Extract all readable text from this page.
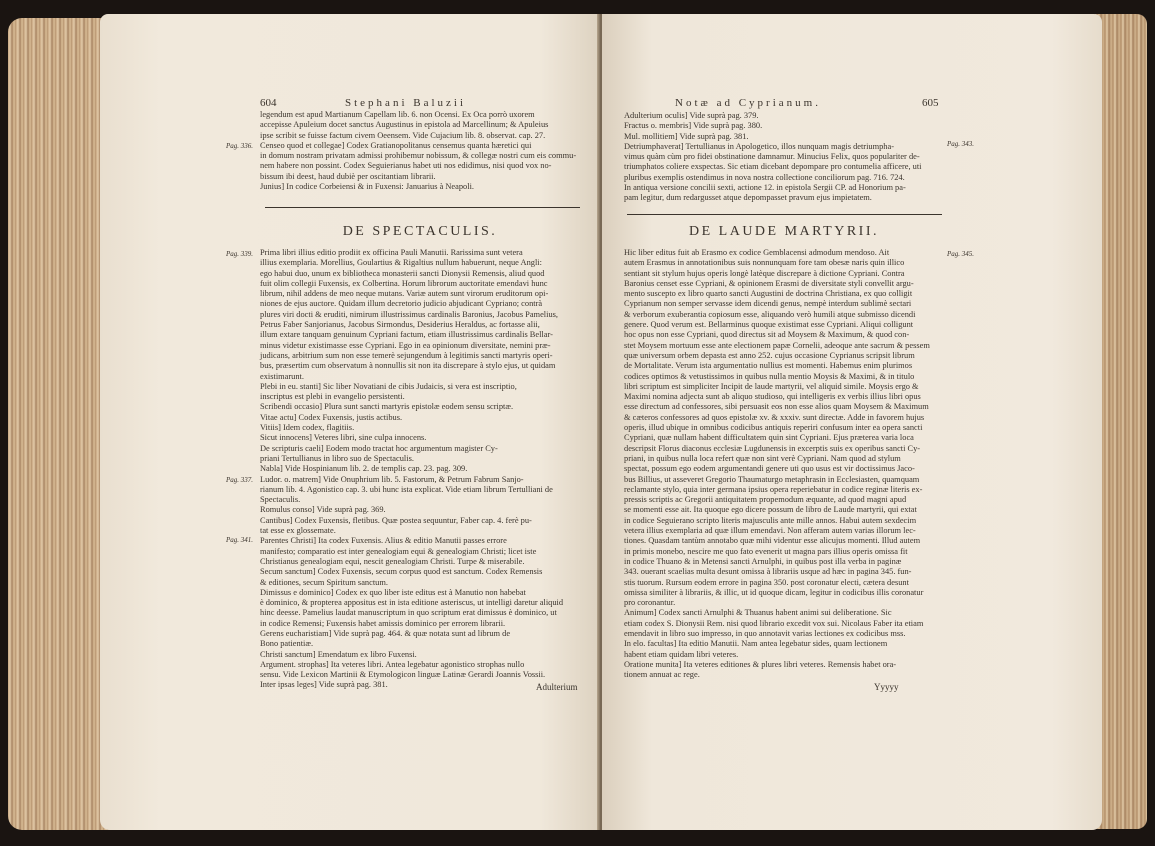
604	Stephani Baluzii

legendum est apud Martianum Capellam lib. 6. non Ocensi. Ex Oca porrò uxorem

accepisse Apuleium docet sanctus Augustinus in epistola ad Marcellinum; & Apuleius

ipse scribit se fuisse factum civem Oeensem. Vide Cujacium lib. 8. observat. cap. 27.

Censeo quod et collegae] Codex Gratianopolitanus censemus quanta hæretici qui

in domum nostram privatam admissi prohibemur nobissum, & collegæ nostri cum eis commu-

nem habere non possint. Codex Seguierianus habet uti nos edidimus, nisi quod vox no-

bissum ibi deest, haud dubiè per oscitantiam librarii.

Junius] In codice Corbeiensi & in Fuxensi: Januarius à Neapoli.

Pag. 336.
DE SPECTACULIS.
Pag. 339.
Pag. 337.
Pag. 341.

Prima libri illius editio prodiit ex officina Pauli Manutii. Rarissima sunt vetera

illius exemplaria. Morellius, Goulartius & Rigaltius nullum habuerunt, neque Angli:

ego habui duo, unum ex bibliotheca monasterii sancti Dionysii Remensis, aliud quod

fuit olim collegii Fuxensis, ex Colbertina. Horum librorum auctoritate emendavi hunc

librum, nihil addens de meo neque mutans. Variæ autem sunt virorum eruditorum opi-

niones de ejus auctore. Quidam illum decretorio judicio abjudicant Cypriano; contrà

plures viri docti & eruditi, nimirum illustrissimus cardinalis Baronius, Jacobus Pamelius,

Petrus Faber Sanjorianus, Jacobus Sirmondus, Desiderius Heraldus, ac fortasse alii,

illum extare tanquam genuinum Cypriani factum, etiam illustrissimus cardinalis Bellar-

minus videtur existimasse esse Cypriani. Ego in ea opinionum diversitate, nemini præ-

judicans, arbitrium sum non esse temerè sejungendum à legitimis sancti martyris operi-

bus, præsertim cum observatum à nonnullis sit non ita discrepare à stylo ejus, ut quidam

existimarunt.

Plebi in eu. stanti] Sic liber Novatiani de cibis Judaicis, si vera est inscriptio,

inscriptus est plebi in evangelio persistenti.

Scribendi occasio] Plura sunt sancti martyris epistolæ eodem sensu scriptæ.

Vitae actu] Codex Fuxensis, justis actibus.

Vitiis] Idem codex, flagitiis.

Sicut innocens] Veteres libri, sine culpa innocens.

De scripturis caeli] Eodem modo tractat hoc argumentum magister Cy-

priani Tertullianus in libro suo de Spectaculis.

Nabla] Vide Hospinianum lib. 2. de templis cap. 23. pag. 309.

Ludor. o. matrem] Vide Onuphrium lib. 5. Fastorum, & Petrum Fabrum Sanjo-

rianum lib. 4. Agonistico cap. 3. ubi hunc ista explicat. Vide etiam librum Tertulliani de

Spectaculis.

Romulus conso] Vide suprà pag. 369.

Cantibus] Codex Fuxensis, fletibus. Quæ postea sequuntur, Faber cap. 4. ferè pu-

tat esse ex glossemate.

Parentes Christi] Ita codex Fuxensis. Alius & editio Manutii passes errore

manifesto; comparatio est inter genealogiam equi & genealogiam Christi; licet iste

Christianus genealogiam equi, nescit genealogiam Christi. Turpe & miserabile.

Secum sanctum] Codex Fuxensis, secum corpus quod est sanctum. Codex Remensis

& editiones, secum Spiritum sanctum.

Dimissus e dominico] Codex ex quo liber iste editus est à Manutio non habebat

è dominico, & propterea appositus est in ista editione asteriscus, ut intelligi daretur aliquid

hinc deesse. Pamelius laudat manuscriptum in quo scriptum erat dimissus è dominico, ut

in codice Remensi; Fuxensis habet amissis dominico per errorem librarii.

Gerens eucharistiam] Vide suprà pag. 464. & quæ notata sunt ad librum de

Bono patientiæ.

Christi sanctum] Emendatum ex libro Fuxensi.

Argument. strophas] Ita veteres libri. Antea legebatur agonistico strophas nullo

sensu. Vide Lexicon Martinii & Etymologicon linguæ Latinæ Gerardi Joannis Vossii.

Inter ipsas leges] Vide suprà pag. 381.	Adulterium
Notæ ad Cyprianum.	605

Adulterium oculis] Vide suprà pag. 379.

Fractus o. membris] Vide suprà pag. 380.

Mul. mollitiem] Vide suprà pag. 381.

Detriumphaverat] Tertullianus in Apologetico, illos nunquam magis detriumpha-

vimus quàm cùm pro fidei obstinatione damnamur. Minucius Felix, quos populariter de-

triumphatos coliere exspectas. Sic etiam dicebant depompare pro contumelia afficere, uti

pluribus exemplis ostendimus in nova nostra collectione conciliorum pag. 716. 724.

In antiqua versione concilii sexti, actione 12. in epistola Sergii CP. ad Honorium pa-

pam legitur, dum redargusset atque depompasset pravum ejus impietatem.

Pag. 343.
DE LAUDE MARTYRII.
Pag. 345.

Hic liber editus fuit ab Erasmo ex codice Gemblacensi admodum mendoso. Ait

autem Erasmus in annotationibus suis nonnunquam fore tam obesæ naris quin illico

sentiant sit stylum hujus operis longè latèque discrepare à dictione Cypriani. Contra

Baronius censet esse Cypriani, & opinionem Erasmi de diversitate styli convellit argu-

mento suscepto ex libro quarto sancti Augustini de doctrina Christiana, ex quo colligit

Cyprianum non semper servasse idem dicendi genus, nempè interdum sublimè sectari

& verborum exuberantia copiosum esse, aliquando verò humili atque submisso dicendi

genere. Quod verum est. Bellarminus quoque existimat esse Cypriani. Aliqui colligunt

hoc opus non esse Cypriani, quod directus sit ad Moysem & Maximum, & quod con-

stet Moysem mortuum esse ante electionem papæ Cornelii, adeoque ante sacrum & pessem

quæ universum orbem depasta est anno 252. cujus occasione Cyprianus scripsit librum

de Mortalitate. Verum ista argumentatio nullius est momenti. Habemus enim plurimos

codices optimos & vetustissimos in quibus nulla mentio Moysis & Maximi, & in titulo

libri scriptum est simpliciter Incipit de laude martyrii, vel aliquid simile. Moysis ergo &

Maximi nomina adjecta sunt ab aliquo studioso, qui intelligeris ex verbis illius libri opus

esse directum ad confessores, sibi persuasit eos non esse alios quam Moysem & Maximum

& cæteros confessores ad quos epistolæ xv. & xxxiv. sunt directæ. Adde in favorem hujus

operis, illud ubique in omnibus codicibus antiquis reperiri confusum inter ea opera sancti

Cypriani, quæ nullam habent difficultatem quin sint Cypriani. Ejus præterea varia loca

descripsit Florus diaconus ecclesiæ Lugdunensis in excerptis suis ex operibus sancti Cy-

priani, in quibus nulla loca refert quæ non sint verè Cypriani. Nam quod ad stylum

spectat, possum ego eodem argumentandi genere uti quo usus est vir doctissimus Jaco-

bus Billius, ut asseveret Gregorio Thaumaturgo metaphrasin in Ecclesiasten, quamquam

reclamante stylo, quia inter germana ipsius opera reperiebatur in codice reginæ literis ex-

pressis scriptis ac Gregorii antiquitatem propemodum æquante, ad quod magni apud

se momenti esse ait. Ita quoque ego dicere possum de libro de Laude martyrii, qui extat

in codice Seguierano scripto literis majusculis ante mille annos. Habui autem sexdecim

vetera illius exemplaria ad quæ illum emendavi. Non afferam autem varias illorum lec-

tiones. Quasdam tantùm annotabo quæ mihi videntur esse alicujus momenti. Illud autem

in primis monebo, nescire me quo fato evenerit ut magna pars illius operis omissa fit

in codice Thuano & in Metensi sancti Arnulphi, in quibus post illa verba in paginæ

343. ouerant scaelias multa desunt omissa à librariis usque ad hæc in pagina 345. fun-

stis tuorum. Rursum eodem errore in pagina 350. post coronatur electi, cætera desunt

omissa similiter à librariis, & illic, ut id quoque dicam, legitur in codicibus illis coronatur

pro coronantur.

Animum] Codex sancti Arnulphi & Thuanus habent animi sui deliberatione. Sic

etiam codex S. Dionysii Rem. nisi quod librario excedit vox sui. Nicolaus Faber ita etiam

emendavit in libro suo impresso, in quo annotavit varias lectiones ex codicibus mss.

In elo. facultas] Ita editio Manutii. Nam antea legebatur sides, quam lectionem

habent etiam quidam libri veteres.

Oratione munita] Ita veteres editiones & plures libri veteres. Remensis habet ora-

tionem annuat ac rege.

Yyyyy
